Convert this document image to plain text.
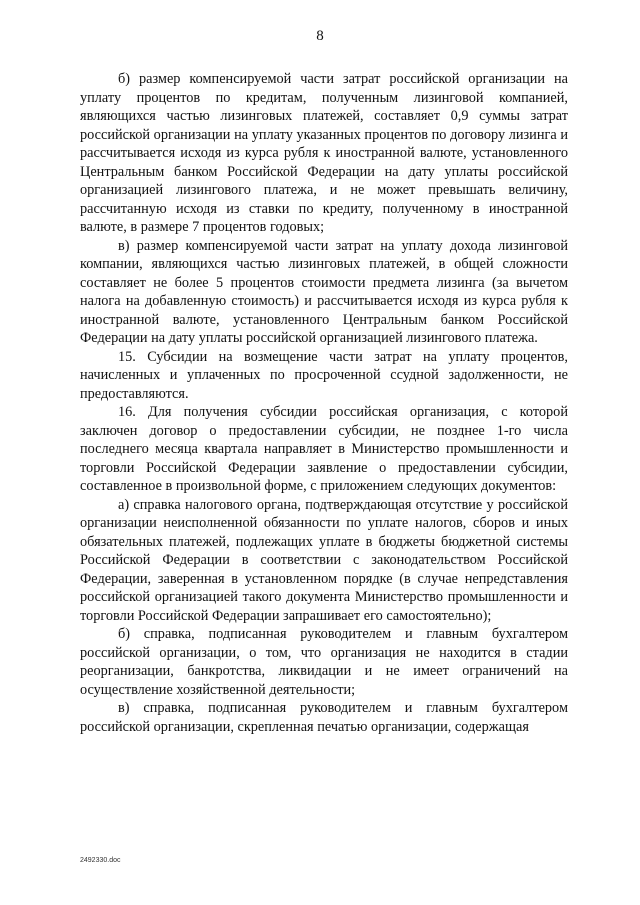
8

б) размер компенсируемой части затрат российской организации на уплату процентов по кредитам, полученным лизинговой компанией, являющихся частью лизинговых платежей, составляет 0,9 суммы затрат российской организации на уплату указанных процентов по договору лизинга и рассчитывается исходя из курса рубля к иностранной валюте, установленного Центральным банком Российской Федерации на дату уплаты российской организацией лизингового платежа, и не может превышать величину, рассчитанную исходя из ставки по кредиту, полученному в иностранной валюте, в размере 7 процентов годовых;

в) размер компенсируемой части затрат на уплату дохода лизинговой компании, являющихся частью лизинговых платежей, в общей сложности составляет не более 5 процентов стоимости предмета лизинга (за вычетом налога на добавленную стоимость) и рассчитывается исходя из курса рубля к иностранной валюте, установленного Центральным банком Российской Федерации на дату уплаты российской организацией лизингового платежа.

15. Субсидии на возмещение части затрат на уплату процентов, начисленных и уплаченных по просроченной ссудной задолженности, не предоставляются.

16. Для получения субсидии российская организация, с которой заключен договор о предоставлении субсидии, не позднее 1-го числа последнего месяца квартала направляет в Министерство промышленности и торговли Российской Федерации заявление о предоставлении субсидии, составленное в произвольной форме, с приложением следующих документов:

а) справка налогового органа, подтверждающая отсутствие у российской организации неисполненной обязанности по уплате налогов, сборов и иных обязательных платежей, подлежащих уплате в бюджеты бюджетной системы Российской Федерации в соответствии с законодательством Российской Федерации, заверенная в установленном порядке (в случае непредставления российской организацией такого документа Министерство промышленности и торговли Российской Федерации запрашивает его самостоятельно);

б) справка, подписанная руководителем и главным бухгалтером российской организации, о том, что организация не находится в стадии реорганизации, банкротства, ликвидации и не имеет ограничений на осуществление хозяйственной деятельности;

в) справка, подписанная руководителем и главным бухгалтером российской организации, скрепленная печатью организации, содержащая

2492330.doc
